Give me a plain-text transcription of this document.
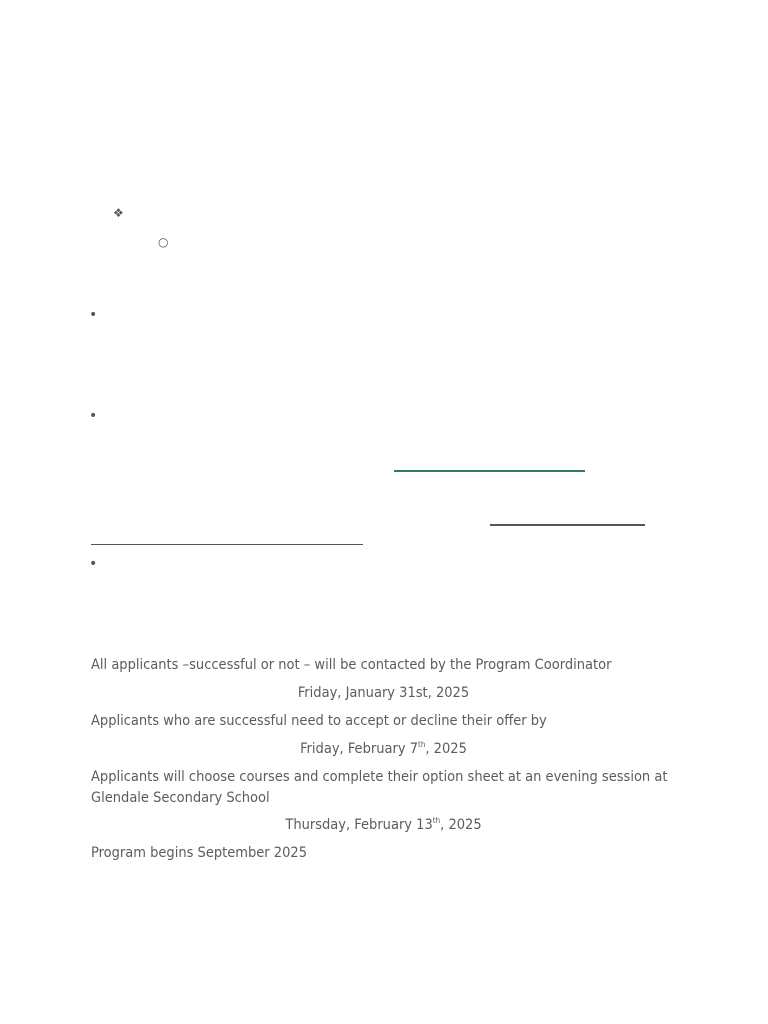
❖
○
•
•
•

All applicants –successful or not – will be contacted by the Program Coordinator

Friday, January 31st, 2025

Applicants who are successful need to accept or decline their offer by

Friday, February 7th, 2025

Applicants will choose courses and complete their option sheet at an evening session at Glendale Secondary School

Thursday, February 13th, 2025

Program begins September 2025
